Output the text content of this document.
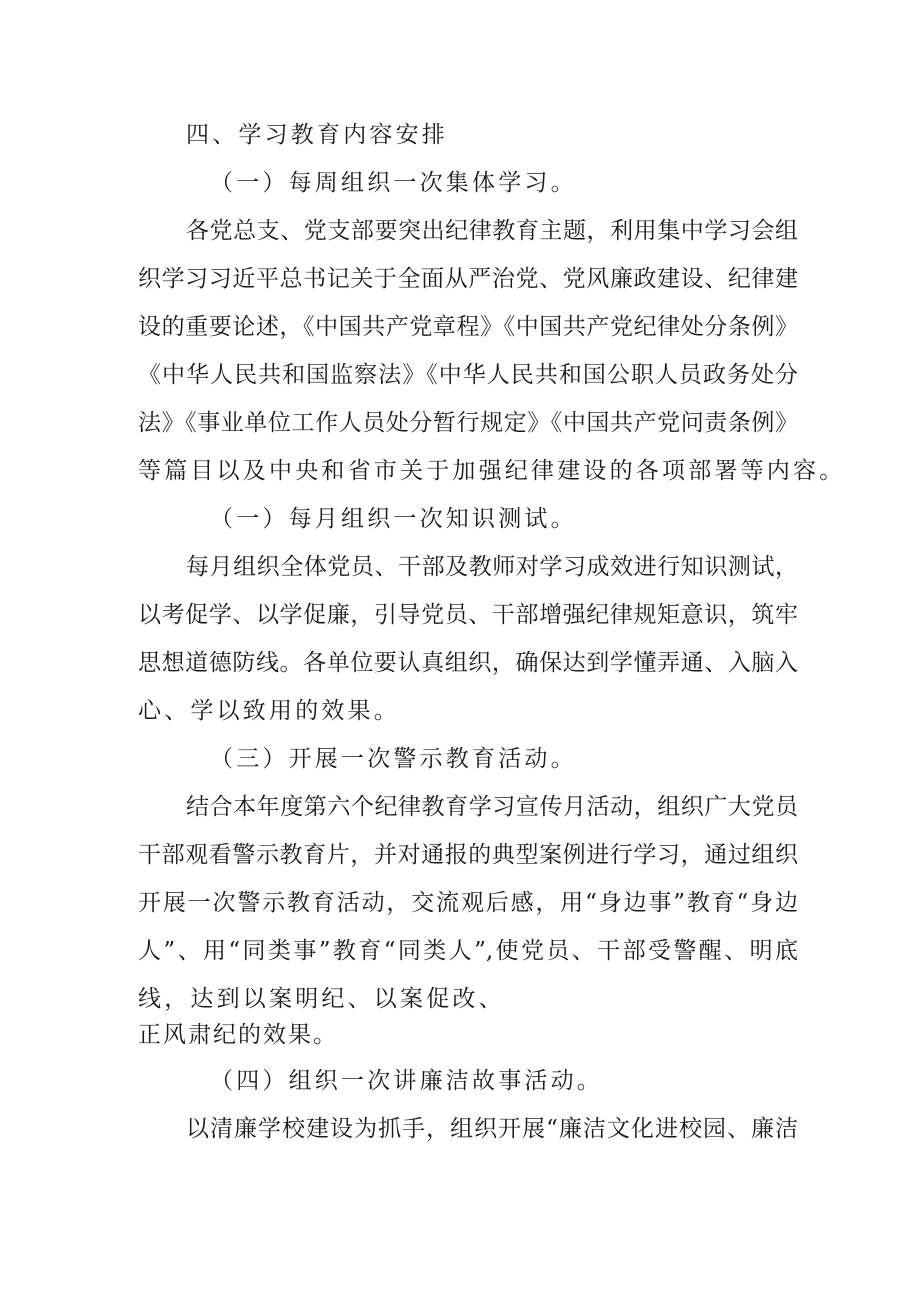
四、学习教育内容安排
（一）每周组织一次集体学习。
各党总支、党支部要突出纪律教育主题，利用集中学习会组
织学习习近平总书记关于全面从严治党、党风廉政建设、纪律建
设的重要论述，《中国共产党章程》《中国共产党纪律处分条例》
《中华人民共和国监察法》《中华人民共和国公职人员政务处分
法》《事业单位工作人员处分暂行规定》《中国共产党问责条例》
等篇目以及中央和省市关于加强纪律建设的各项部署等内容。
（一）每月组织一次知识测试。
每月组织全体党员、干部及教师对学习成效进行知识测试，
以考促学、以学促廉，引导党员、干部增强纪律规矩意识，筑牢
思想道德防线。各单位要认真组织，确保达到学懂弄通、入脑入
心、学以致用的效果。
（三）开展一次警示教育活动。
结合本年度第六个纪律教育学习宣传月活动，组织广大党员
干部观看警示教育片，并对通报的典型案例进行学习，通过组织
开展一次警示教育活动，交流观后感，用“身边事”教育“身边
人”、用“同类事”教育“同类人”,使党员、干部受警醒、明底
线，达到以案明纪、以案促改、
正风肃纪的效果。
（四）组织一次讲廉洁故事活动。
以清廉学校建设为抓手，组织开展“廉洁文化进校园、廉洁
